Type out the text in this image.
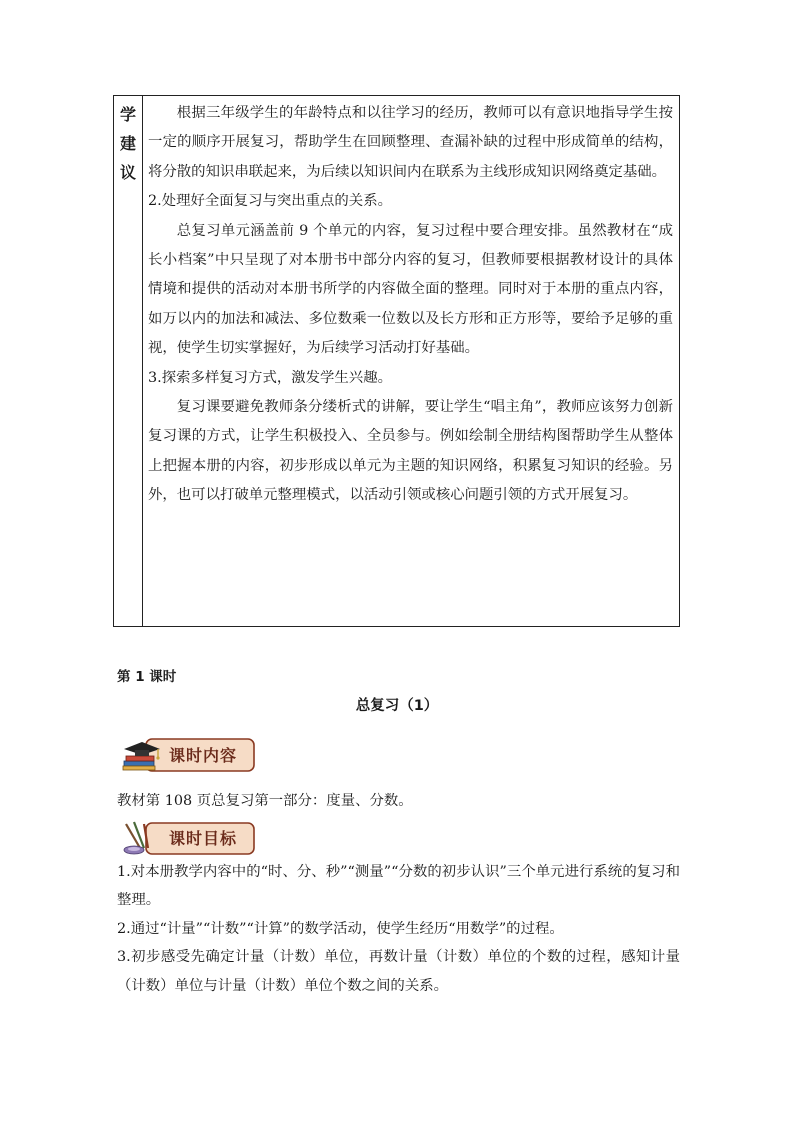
学
建
议

根据三年级学生的年龄特点和以往学习的经历，教师可以有意识地指导学生按一定的顺序开展复习，帮助学生在回顾整理、查漏补缺的过程中形成简单的结构，将分散的知识串联起来，为后续以知识间内在联系为主线形成知识网络奠定基础。

2.处理好全面复习与突出重点的关系。

总复习单元涵盖前 9 个单元的内容，复习过程中要合理安排。虽然教材在“成长小档案”中只呈现了对本册书中部分内容的复习，但教师要根据教材设计的具体情境和提供的活动对本册书所学的内容做全面的整理。同时对于本册的重点内容，如万以内的加法和减法、多位数乘一位数以及长方形和正方形等，要给予足够的重视，使学生切实掌握好，为后续学习活动打好基础。

3.探索多样复习方式，激发学生兴趣。

复习课要避免教师条分缕析式的讲解，要让学生“唱主角”，教师应该努力创新复习课的方式，让学生积极投入、全员参与。例如绘制全册结构图帮助学生从整体上把握本册的内容，初步形成以单元为主题的知识网络，积累复习知识的经验。另外，也可以打破单元整理模式，以活动引领或核心问题引领的方式开展复习。

第 1 课时
总复习（1）
课时内容

教材第 108 页总复习第一部分：度量、分数。

课时目标

1.对本册教学内容中的“时、分、秒”“测量”“分数的初步认识”三个单元进行系统的复习和整理。

2.通过“计量”“计数”“计算”的数学活动，使学生经历“用数学”的过程。

3.初步感受先确定计量（计数）单位，再数计量（计数）单位的个数的过程，感知计量（计数）单位与计量（计数）单位个数之间的关系。
